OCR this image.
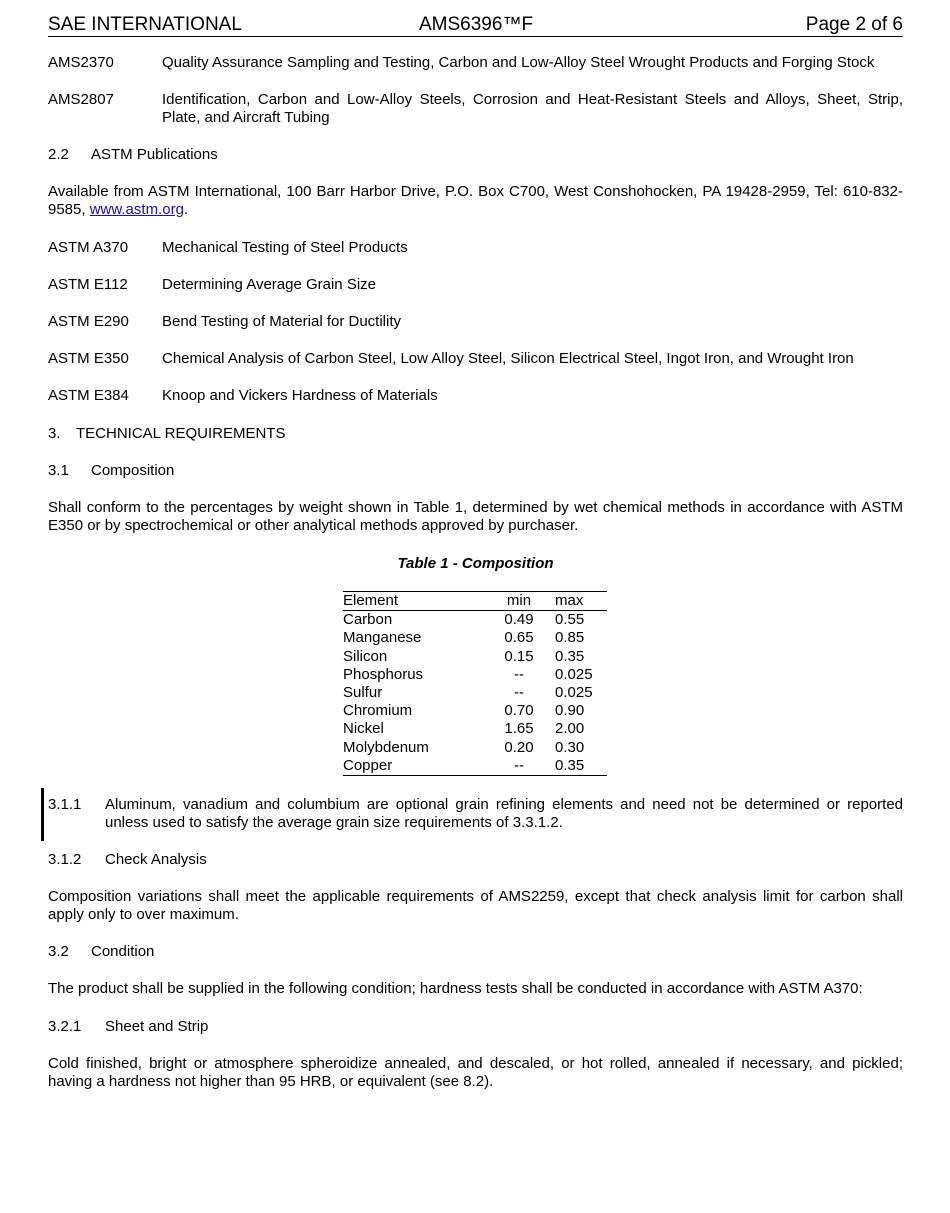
SAE INTERNATIONAL	AMS6396™F	Page 2 of 6
AMS2370	Quality Assurance Sampling and Testing, Carbon and Low-Alloy Steel Wrought Products and Forging Stock
AMS2807	Identification, Carbon and Low-Alloy Steels, Corrosion and Heat-Resistant Steels and Alloys, Sheet, Strip, Plate, and Aircraft Tubing
2.2 ASTM Publications
Available from ASTM International, 100 Barr Harbor Drive, P.O. Box C700, West Conshohocken, PA 19428-2959, Tel: 610-832-9585, www.astm.org.
ASTM A370	Mechanical Testing of Steel Products
ASTM E112	Determining Average Grain Size
ASTM E290	Bend Testing of Material for Ductility
ASTM E350	Chemical Analysis of Carbon Steel, Low Alloy Steel, Silicon Electrical Steel, Ingot Iron, and Wrought Iron
ASTM E384	Knoop and Vickers Hardness of Materials
3. TECHNICAL REQUIREMENTS
3.1 Composition
Shall conform to the percentages by weight shown in Table 1, determined by wet chemical methods in accordance with ASTM E350 or by spectrochemical or other analytical methods approved by purchaser.
Table 1 - Composition
Element	min	max
Carbon	0.49	0.55
Manganese	0.65	0.85
Silicon	0.15	0.35
Phosphorus	--	0.025
Sulfur	--	0.025
Chromium	0.70	0.90
Nickel	1.65	2.00
Molybdenum	0.20	0.30
Copper	--	0.35
3.1.1 Aluminum, vanadium and columbium are optional grain refining elements and need not be determined or reported unless used to satisfy the average grain size requirements of 3.3.1.2.
3.1.2 Check Analysis
Composition variations shall meet the applicable requirements of AMS2259, except that check analysis limit for carbon shall apply only to over maximum.
3.2 Condition
The product shall be supplied in the following condition; hardness tests shall be conducted in accordance with ASTM A370:
3.2.1 Sheet and Strip
Cold finished, bright or atmosphere spheroidize annealed, and descaled, or hot rolled, annealed if necessary, and pickled; having a hardness not higher than 95 HRB, or equivalent (see 8.2).
